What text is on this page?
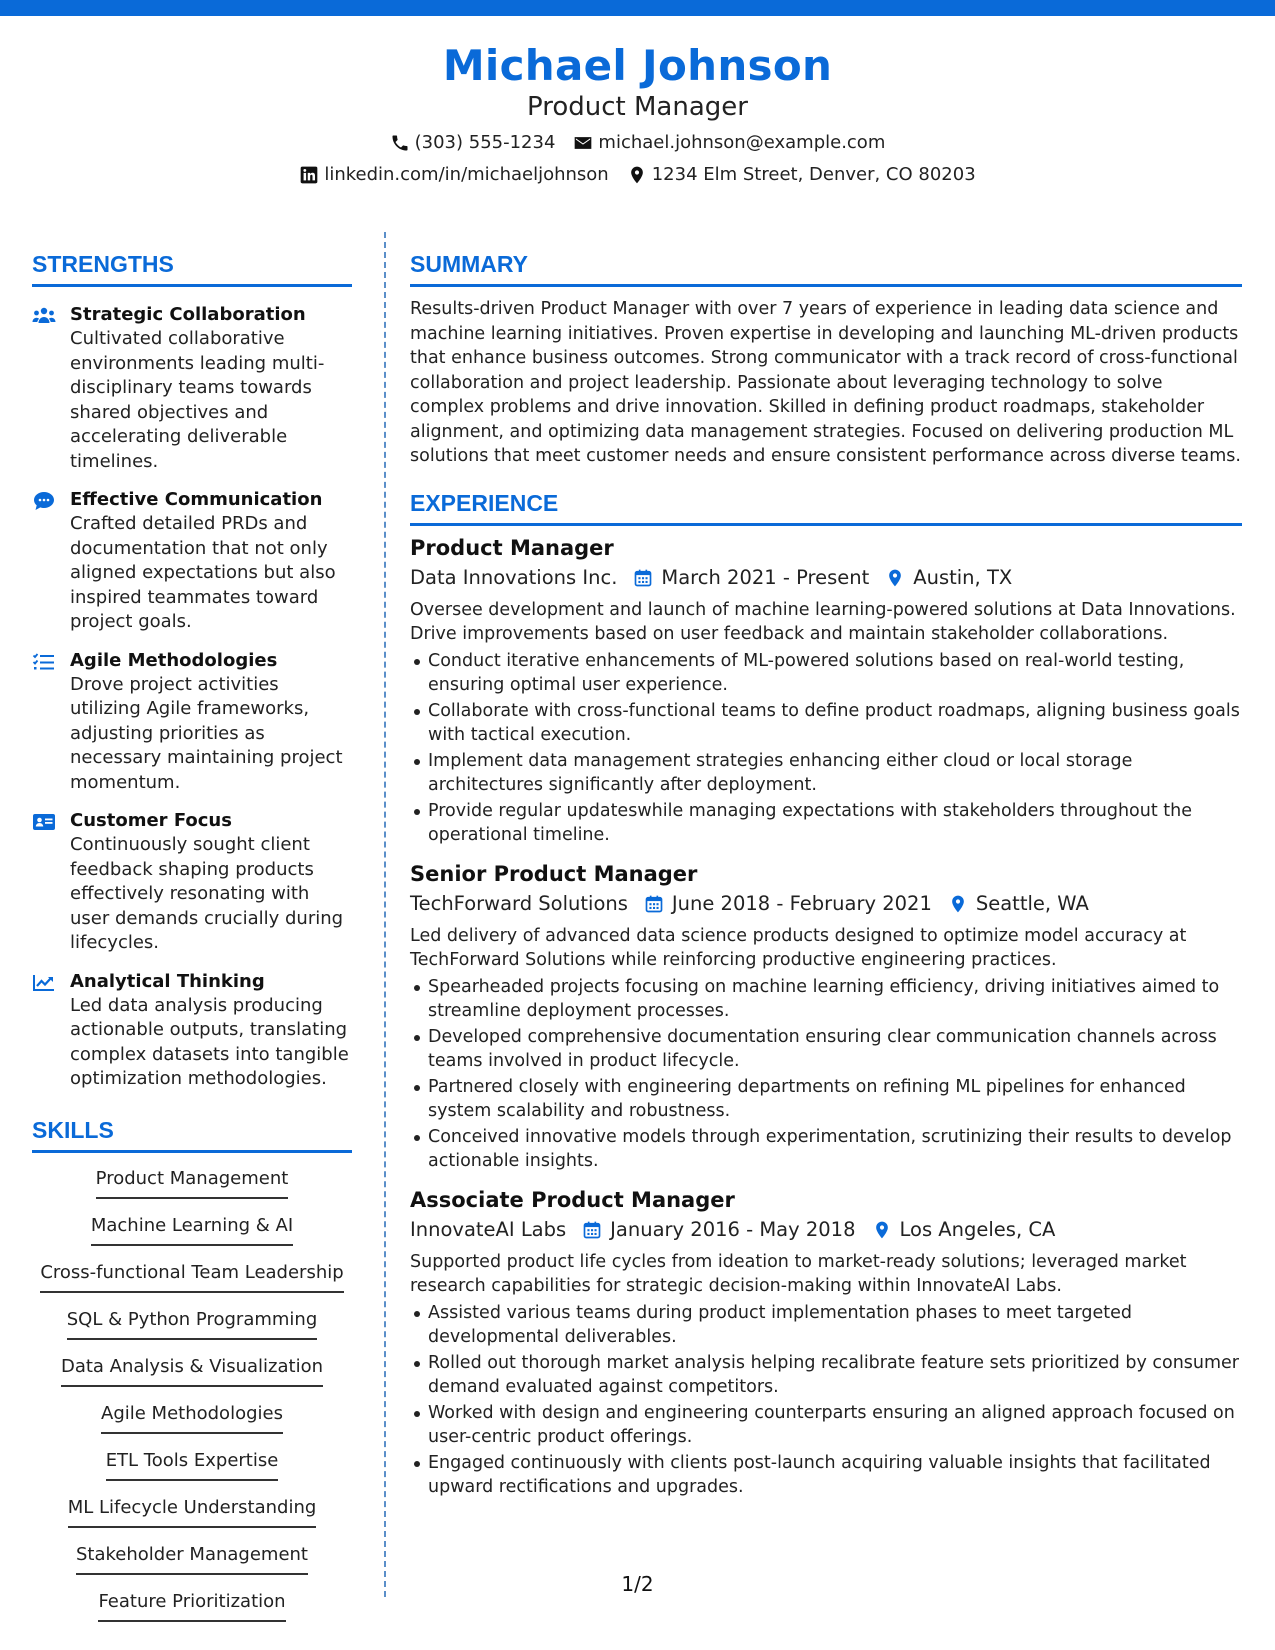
Michael Johnson
Product Manager
(303) 555-1234 michael.johnson@example.com
linkedin.com/in/michaeljohnson 1234 Elm Street, Denver, CO 80203
STRENGTHS
Strategic Collaboration
Cultivated collaborative environments leading multi-disciplinary teams towards shared objectives and accelerating deliverable timelines.
Effective Communication
Crafted detailed PRDs and documentation that not only aligned expectations but also inspired teammates toward project goals.
Agile Methodologies
Drove project activities utilizing Agile frameworks, adjusting priorities as necessary maintaining project momentum.
Customer Focus
Continuously sought client feedback shaping products effectively resonating with user demands crucially during lifecycles.
Analytical Thinking
Led data analysis producing actionable outputs, translating complex datasets into tangible optimization methodologies.
SKILLS
Product Management
Machine Learning & AI
Cross-functional Team Leadership
SQL & Python Programming
Data Analysis & Visualization
Agile Methodologies
ETL Tools Expertise
ML Lifecycle Understanding
Stakeholder Management
Feature Prioritization
SUMMARY
Results-driven Product Manager with over 7 years of experience in leading data science and machine learning initiatives. Proven expertise in developing and launching ML-driven products that enhance business outcomes. Strong communicator with a track record of cross-functional collaboration and project leadership. Passionate about leveraging technology to solve complex problems and drive innovation. Skilled in defining product roadmaps, stakeholder alignment, and optimizing data management strategies. Focused on delivering production ML solutions that meet customer needs and ensure consistent performance across diverse teams.
EXPERIENCE
Product Manager
Data Innovations Inc. March 2021 - Present Austin, TX
Oversee development and launch of machine learning-powered solutions at Data Innovations. Drive improvements based on user feedback and maintain stakeholder collaborations.
Conduct iterative enhancements of ML-powered solutions based on real-world testing, ensuring optimal user experience.
Collaborate with cross-functional teams to define product roadmaps, aligning business goals with tactical execution.
Implement data management strategies enhancing either cloud or local storage architectures significantly after deployment.
Provide regular updateswhile managing expectations with stakeholders throughout the operational timeline.
Senior Product Manager
TechForward Solutions June 2018 - February 2021 Seattle, WA
Led delivery of advanced data science products designed to optimize model accuracy at TechForward Solutions while reinforcing productive engineering practices.
Spearheaded projects focusing on machine learning efficiency, driving initiatives aimed to streamline deployment processes.
Developed comprehensive documentation ensuring clear communication channels across teams involved in product lifecycle.
Partnered closely with engineering departments on refining ML pipelines for enhanced system scalability and robustness.
Conceived innovative models through experimentation, scrutinizing their results to develop actionable insights.
Associate Product Manager
InnovateAI Labs January 2016 - May 2018 Los Angeles, CA
Supported product life cycles from ideation to market-ready solutions; leveraged market research capabilities for strategic decision-making within InnovateAI Labs.
Assisted various teams during product implementation phases to meet targeted developmental deliverables.
Rolled out thorough market analysis helping recalibrate feature sets prioritized by consumer demand evaluated against competitors.
Worked with design and engineering counterparts ensuring an aligned approach focused on user-centric product offerings.
Engaged continuously with clients post-launch acquiring valuable insights that facilitated upward rectifications and upgrades.
1/2
